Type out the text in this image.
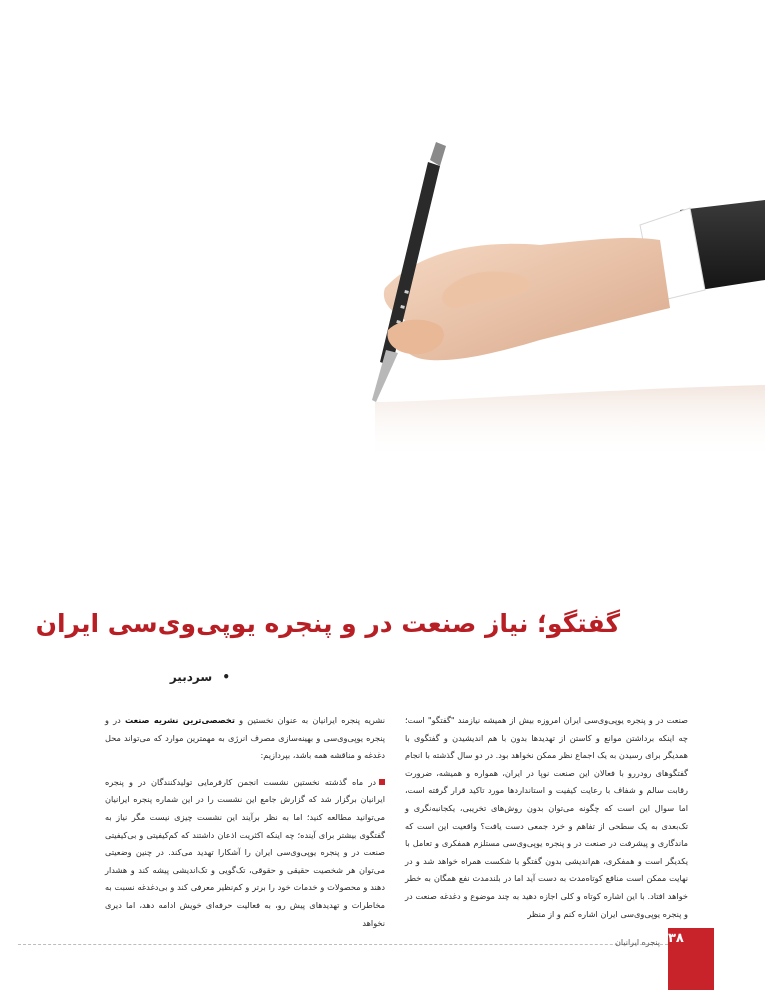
گفتگو؛ نیاز صنعت در و پنجره یوپی‌وی‌سی ایران
• سردبیر

صنعت در و پنجره یوپی‌وی‌سی ایران امروزه بیش از همیشه نیازمند "گفتگو" است؛ چه اینکه برداشتن موانع و کاستن از تهدیدها بدون با هم اندیشیدن و گفتگوی با همدیگر برای رسیدن به یک اجماع نظر ممکن نخواهد بود. در دو سال گذشته با انجام گفتگوهای رودررو با فعالان این صنعت نوپا در ایران، همواره و همیشه، ضرورت رقابت سالم و شفاف با رعایت کیفیت و استانداردها مورد تاکید قرار گرفته است، اما سوال این است که چگونه می‌توان بدون روش‌های تخریبی، یکجانبه‌نگری و تک‌بعدی به یک سطحی از تفاهم و خرد جمعی دست یافت؟ واقعیت این است که ماندگاری و پیشرفت در صنعت در و پنجره یوپی‌وی‌سی مستلزم همفکری و تعامل با یکدیگر است و همفکری، هم‌اندیشی بدون گفتگو با شکست همراه خواهد شد و در نهایت ممکن است منافع کوتاه‌مدت به دست آید اما در بلندمدت نفع همگان به خطر خواهد افتاد. با این اشاره کوتاه و کلی اجازه دهید به چند موضوع و دغدغه صنعت در و پنجره یوپی‌وی‌سی ایران اشاره کنم و از منظر

نشریه پنجره ایرانیان به عنوان نخستین و تخصصی‌ترین نشریه صنعت در و پنجره یوپی‌وی‌سی و بهینه‌سازی مصرف انرژی به مهمترین موارد که می‌تواند محل دغدغه و مناقشه همه باشد، بپردازیم:

در ماه گذشته نخستین نشست انجمن کارفرمایی تولیدکنندگان در و پنجره ایرانیان برگزار شد که گزارش جامع این نشست را در این شماره پنجره ایرانیان می‌توانید مطالعه کنید؛ اما به نظر برآیند این نشست چیزی نیست مگر نیاز به گفتگوی بیشتر برای آینده؛ چه اینکه اکثریت اذعان داشتند که کم‌کیفیتی و بی‌کیفیتی صنعت در و پنجره یوپی‌وی‌سی ایران را آشکارا تهدید می‌کند. در چنین وضعیتی می‌توان هر شخصیت حقیقی و حقوقی، تک‌گویی و تک‌اندیشی پیشه کند و هشدار دهند و محصولات و خدمات خود را برتر و کم‌نظیر معرفی کند و بی‌دغدغه نسبت به مخاطرات و تهدیدهای پیش رو، به فعالیت حرفه‌ای خویش ادامه دهد، اما دیری نخواهد

پنجره ایرانیان ۳۸
